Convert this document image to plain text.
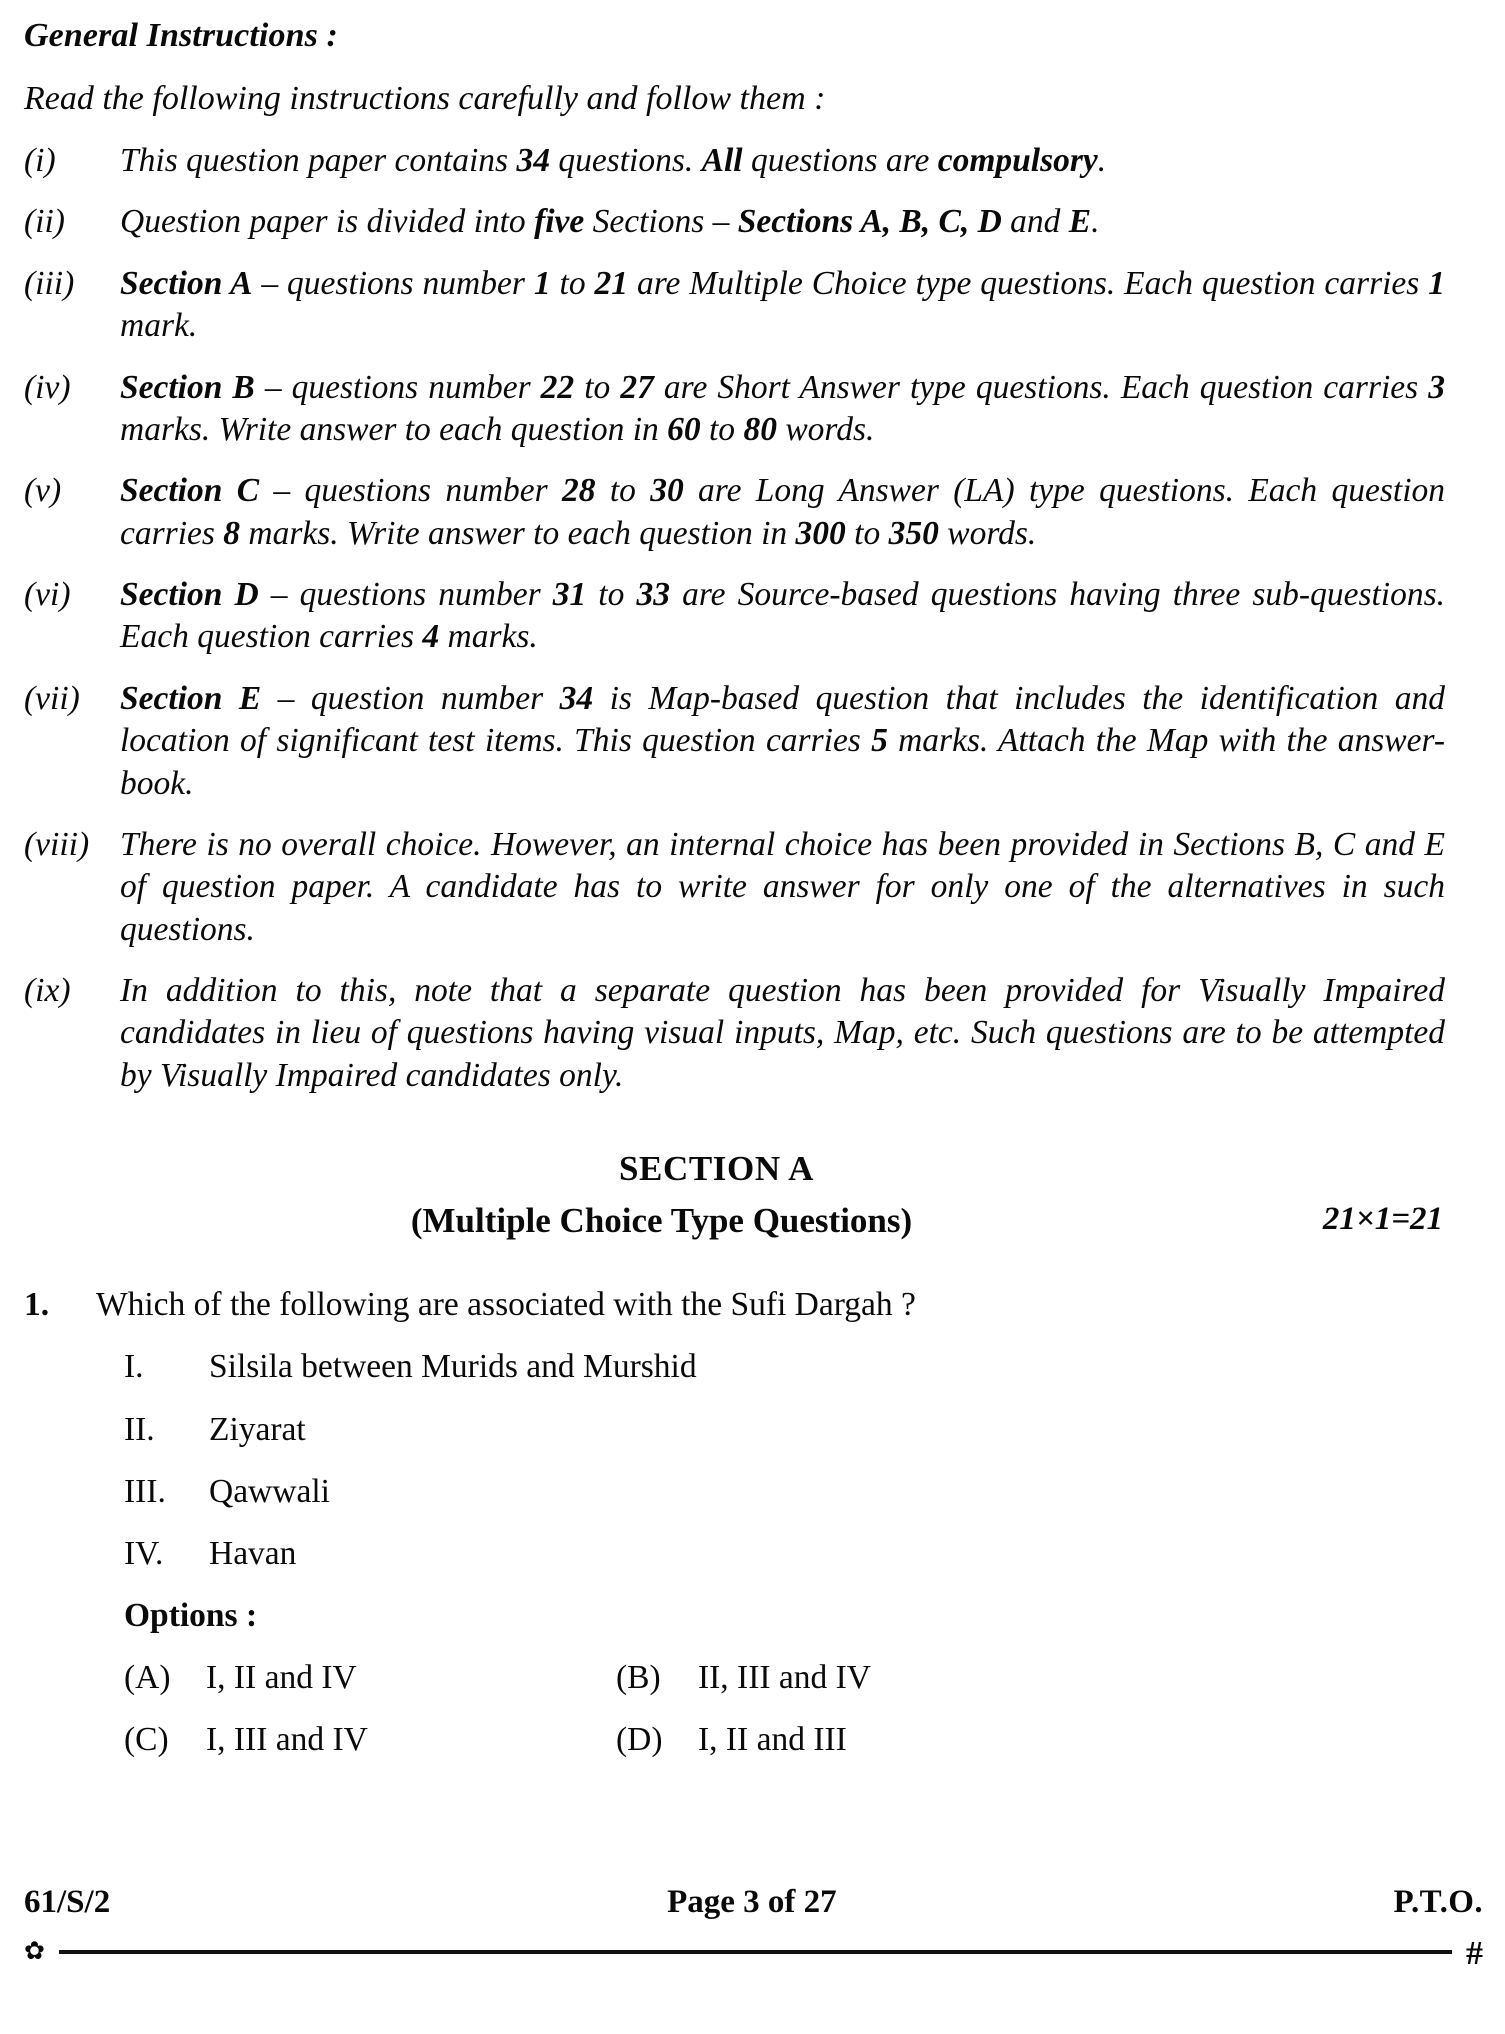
General Instructions :
Read the following instructions carefully and follow them :
(i)	This question paper contains 34 questions. All questions are compulsory.
(ii)	Question paper is divided into five Sections – Sections A, B, C, D and E.
(iii)	Section A – questions number 1 to 21 are Multiple Choice type questions. Each question carries 1 mark.
(iv)	Section B – questions number 22 to 27 are Short Answer type questions. Each question carries 3 marks. Write answer to each question in 60 to 80 words.
(v)	Section C – questions number 28 to 30 are Long Answer (LA) type questions. Each question carries 8 marks. Write answer to each question in 300 to 350 words.
(vi)	Section D – questions number 31 to 33 are Source-based questions having three sub-questions. Each question carries 4 marks.
(vii)	Section E – question number 34 is Map-based question that includes the identification and location of significant test items. This question carries 5 marks. Attach the Map with the answer-book.
(viii) There is no overall choice. However, an internal choice has been provided in Sections B, C and E of question paper. A candidate has to write answer for only one of the alternatives in such questions.
(ix)	In addition to this, note that a separate question has been provided for Visually Impaired candidates in lieu of questions having visual inputs, Map, etc. Such questions are to be attempted by Visually Impaired candidates only.
SECTION A
(Multiple Choice Type Questions)	21×1=21
1.	Which of the following are associated with the Sufi Dargah ?
I.	Silsila between Murids and Murshid
II.	Ziyarat
III.	Qawwali
IV.	Havan
Options :
(A)	I, II and IV	(B)	II, III and IV
(C)	I, III and IV	(D)	I, II and III
61/S/2	Page 3 of 27	P.T.O.
✿	#
